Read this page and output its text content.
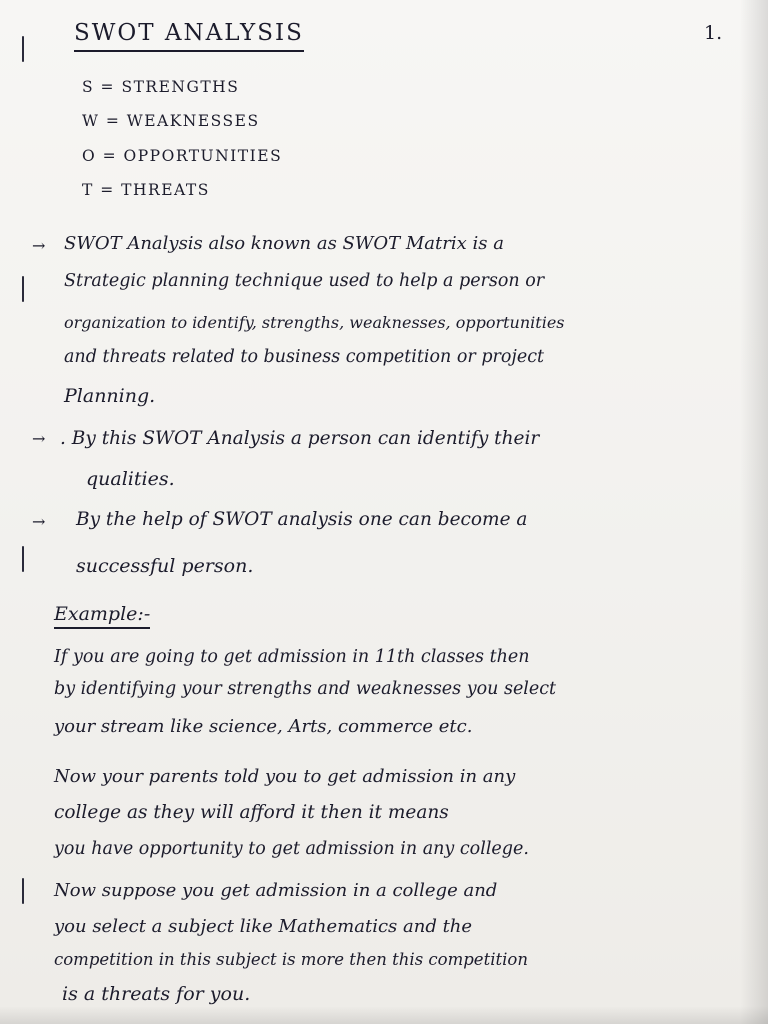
SWOT ANALYSIS	1.
S = STRENGTHS
W = WEAKNESSES
O = OPPORTUNITIES
T = THREATS
→ SWOT Analysis also known as SWOT Matrix is a
Strategic planning technique used to help a person or
organization to identify, strengths, weaknesses, opportunities
and threats related to business competition or project
Planning.
→ . By this SWOT Analysis a person can identify their
qualities.
→ By the help of SWOT analysis one can become a
successful person.
Example:-
If you are going to get admission in 11th classes then
by identifying your strengths and weaknesses you select
your stream like science, Arts, commerce etc.
Now your parents told you to get admission in any
college as they will afford it then it means
you have opportunity to get admission in any college.
Now suppose you get admission in a college and
you select a subject like Mathematics and the
competition in this subject is more then this competition
is a threats for you.
